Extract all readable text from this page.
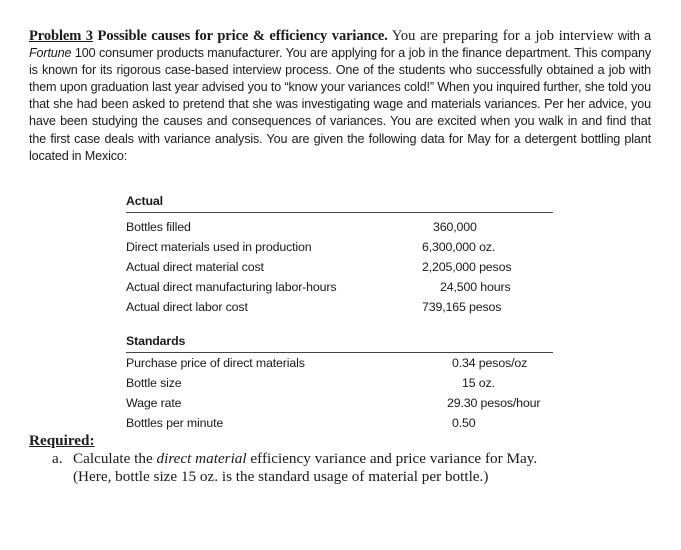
Problem 3 Possible causes for price & efficiency variance. You are preparing for a job interview with a Fortune 100 consumer products manufacturer. You are applying for a job in the finance department. This company is known for its rigorous case-based interview process. One of the students who successfully obtained a job with them upon graduation last year advised you to “know your variances cold!” When you inquired further, she told you that she had been asked to pretend that she was investigating wage and materials variances. Per her advice, you have been studying the causes and consequences of variances. You are excited when you walk in and find that the first case deals with variance analysis. You are given the following data for May for a detergent bottling plant located in Mexico:
Actual
Bottles filled	360,000
Direct materials used in production	6,300,000 oz.
Actual direct material cost	2,205,000 pesos
Actual direct manufacturing labor-hours	24,500 hours
Actual direct labor cost	739,165 pesos
Standards
Purchase price of direct materials	0.34 pesos/oz
Bottle size	15 oz.
Wage rate	29.30 pesos/hour
Bottles per minute	0.50
Required:
a. Calculate the direct material efficiency variance and price variance for May.
(Here, bottle size 15 oz. is the standard usage of material per bottle.)
